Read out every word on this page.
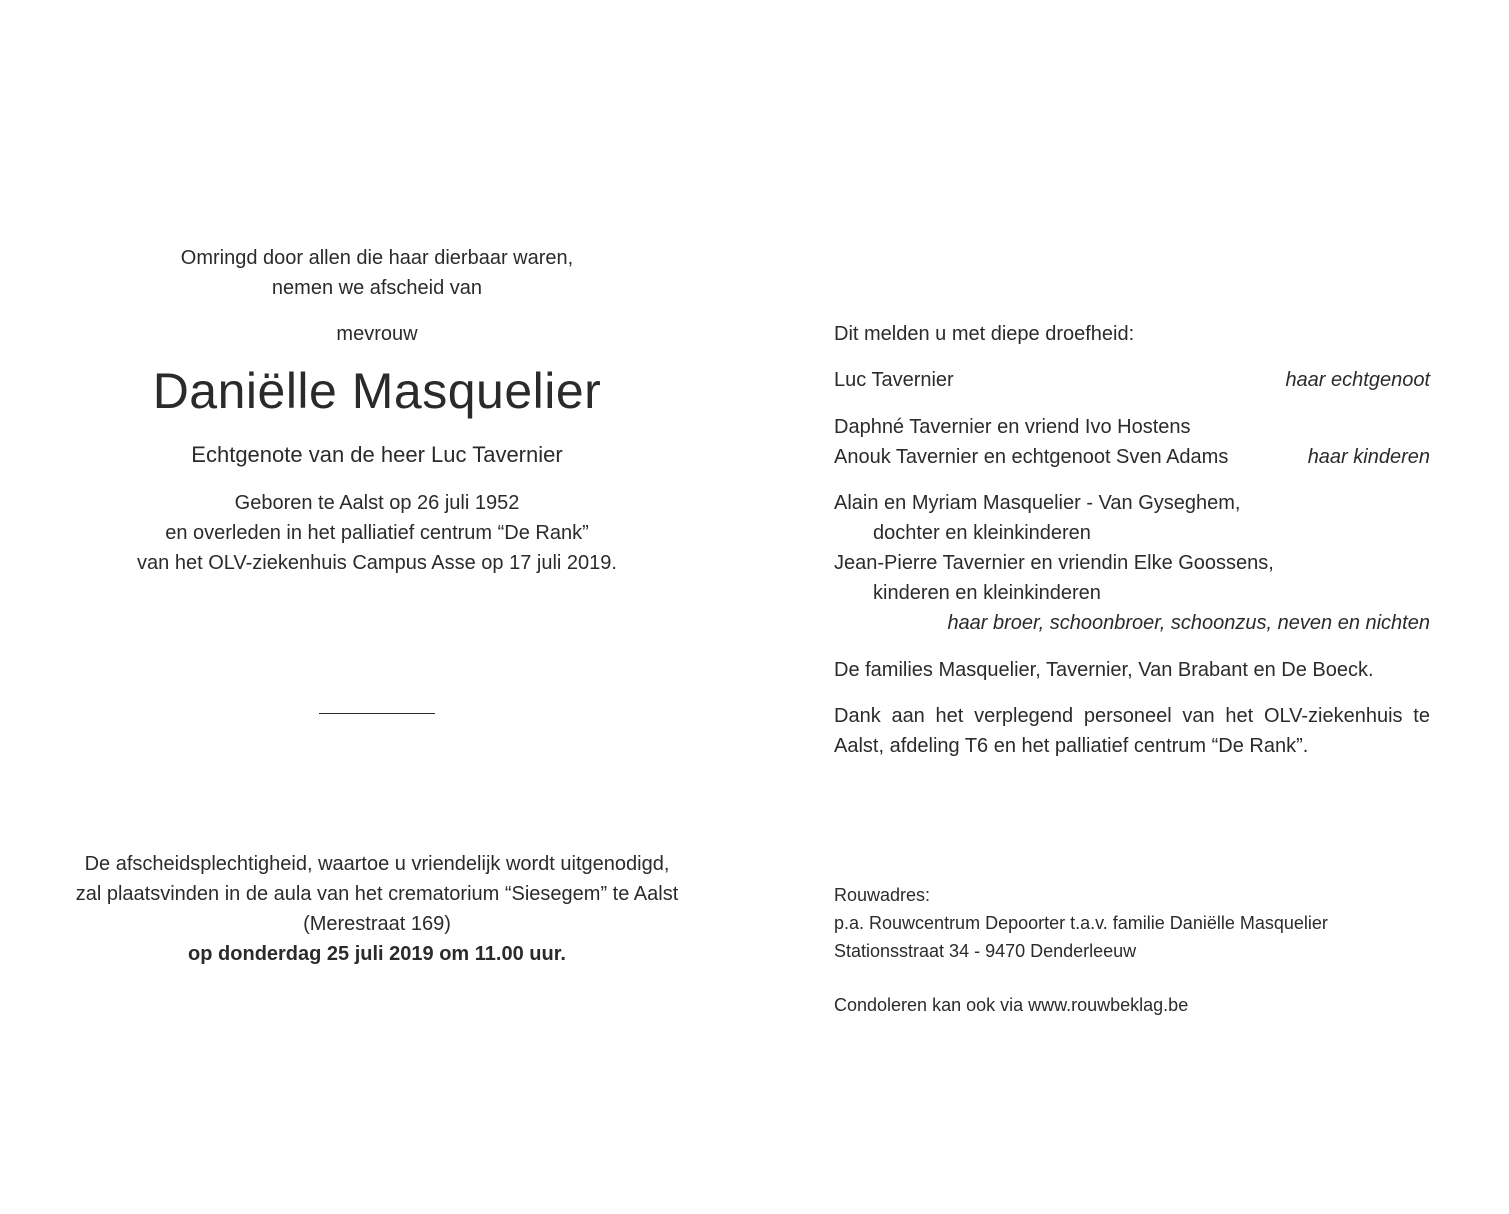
Omringd door allen die haar dierbaar waren,
nemen we afscheid van
mevrouw
Daniëlle Masquelier
Echtgenote van de heer Luc Tavernier
Geboren te Aalst op 26 juli 1952
en overleden in het palliatief centrum “De Rank”
van het OLV-ziekenhuis Campus Asse op 17 juli 2019.
De afscheidsplechtigheid, waartoe u vriendelijk wordt uitgenodigd,
zal plaatsvinden in de aula van het crematorium “Siesegem” te Aalst
(Merestraat 169)
op donderdag 25 juli 2019 om 11.00 uur.
Dit melden u met diepe droefheid:
Luc Tavernier	haar echtgenoot
Daphné Tavernier en vriend Ivo Hostens
Anouk Tavernier en echtgenoot Sven Adams	haar kinderen
Alain en Myriam Masquelier - Van Gyseghem,
dochter en kleinkinderen
Jean-Pierre Tavernier en vriendin Elke Goossens,
kinderen en kleinkinderen
haar broer, schoonbroer, schoonzus, neven en nichten
De families Masquelier, Tavernier, Van Brabant en De Boeck.
Dank aan het verplegend personeel van het OLV-ziekenhuis te
Aalst, afdeling T6 en het palliatief centrum “De Rank”.
Rouwadres:
p.a. Rouwcentrum Depoorter t.a.v. familie Daniëlle Masquelier
Stationsstraat 34 - 9470 Denderleeuw
Condoleren kan ook via www.rouwbeklag.be
